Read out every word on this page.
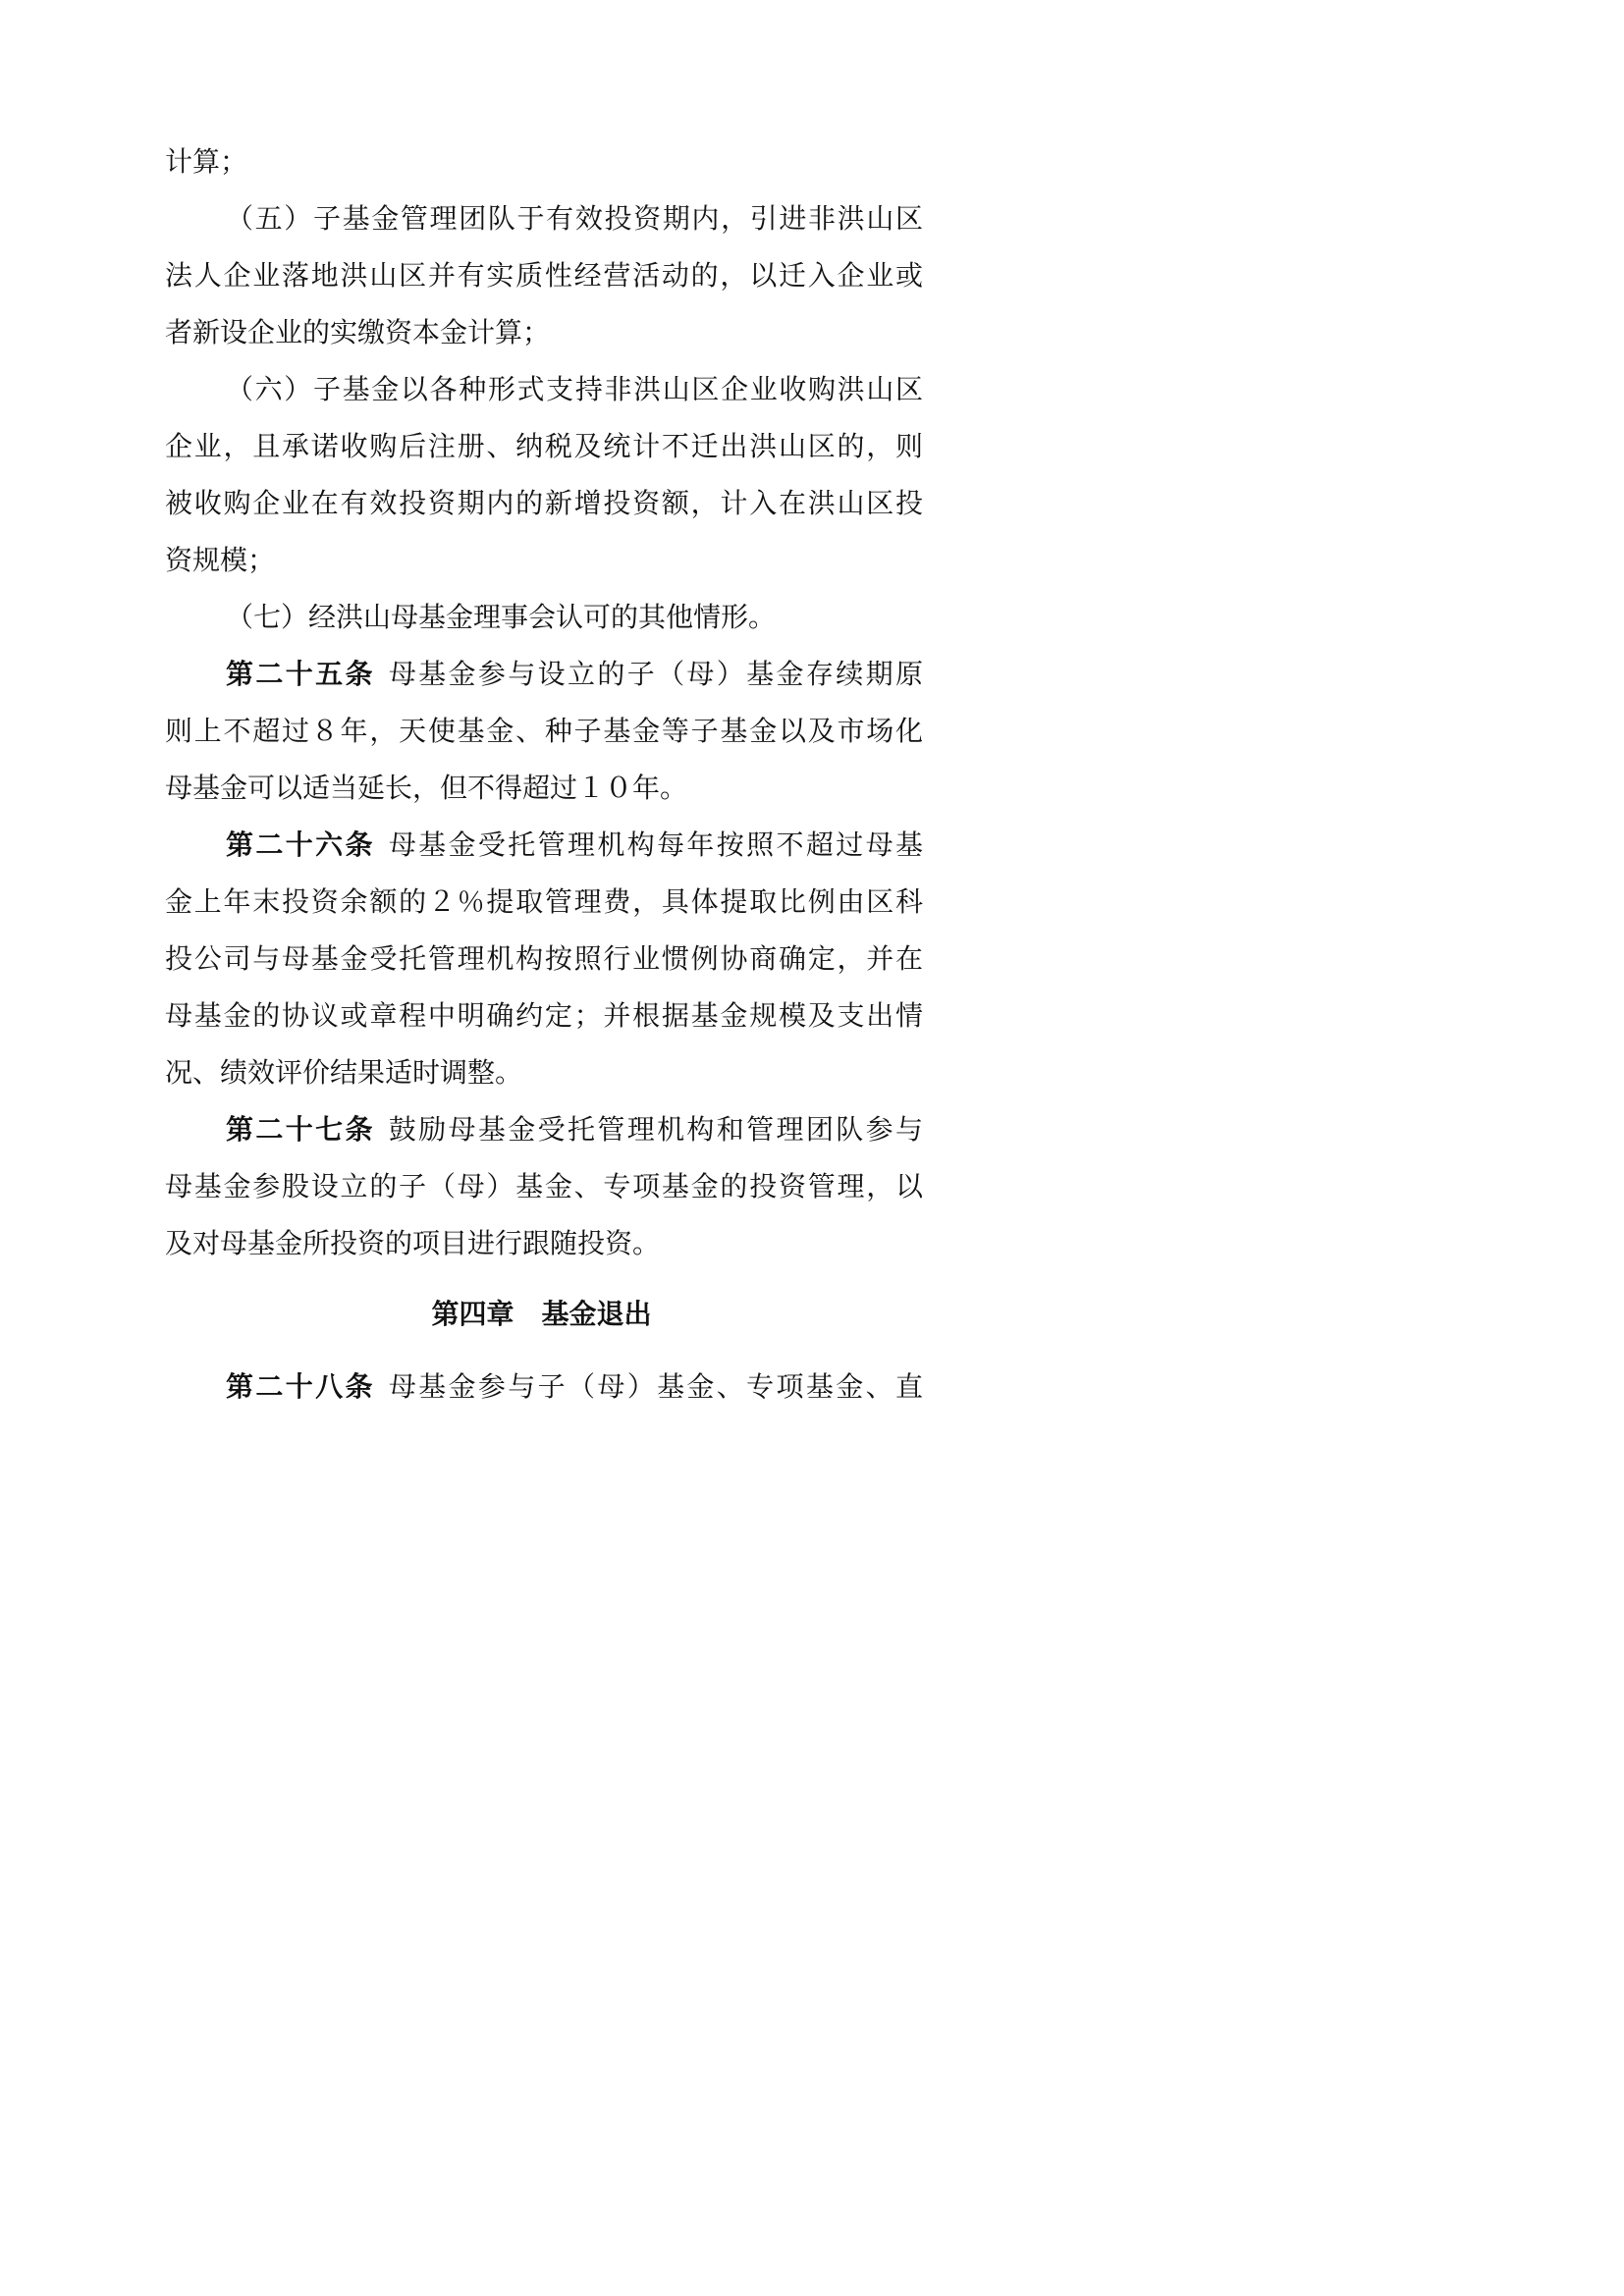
计算；
（五）子基金管理团队于有效投资期内，引进非洪山区
法人企业落地洪山区并有实质性经营活动的，以迁入企业或
者新设企业的实缴资本金计算；
（六）子基金以各种形式支持非洪山区企业收购洪山区
企业，且承诺收购后注册、纳税及统计不迁出洪山区的，则
被收购企业在有效投资期内的新增投资额，计入在洪山区投
资规模；
（七）经洪山母基金理事会认可的其他情形。
第二十五条 母基金参与设立的子（母）基金存续期原
则上不超过８年，天使基金、种子基金等子基金以及市场化
母基金可以适当延长，但不得超过１０年。
第二十六条 母基金受托管理机构每年按照不超过母基
金上年末投资余额的２％提取管理费，具体提取比例由区科
投公司与母基金受托管理机构按照行业惯例协商确定，并在
母基金的协议或章程中明确约定；并根据基金规模及支出情
况、绩效评价结果适时调整。
第二十七条 鼓励母基金受托管理机构和管理团队参与
母基金参股设立的子（母）基金、专项基金的投资管理，以
及对母基金所投资的项目进行跟随投资。
第四章　基金退出
第二十八条 母基金参与子（母）基金、专项基金、直
